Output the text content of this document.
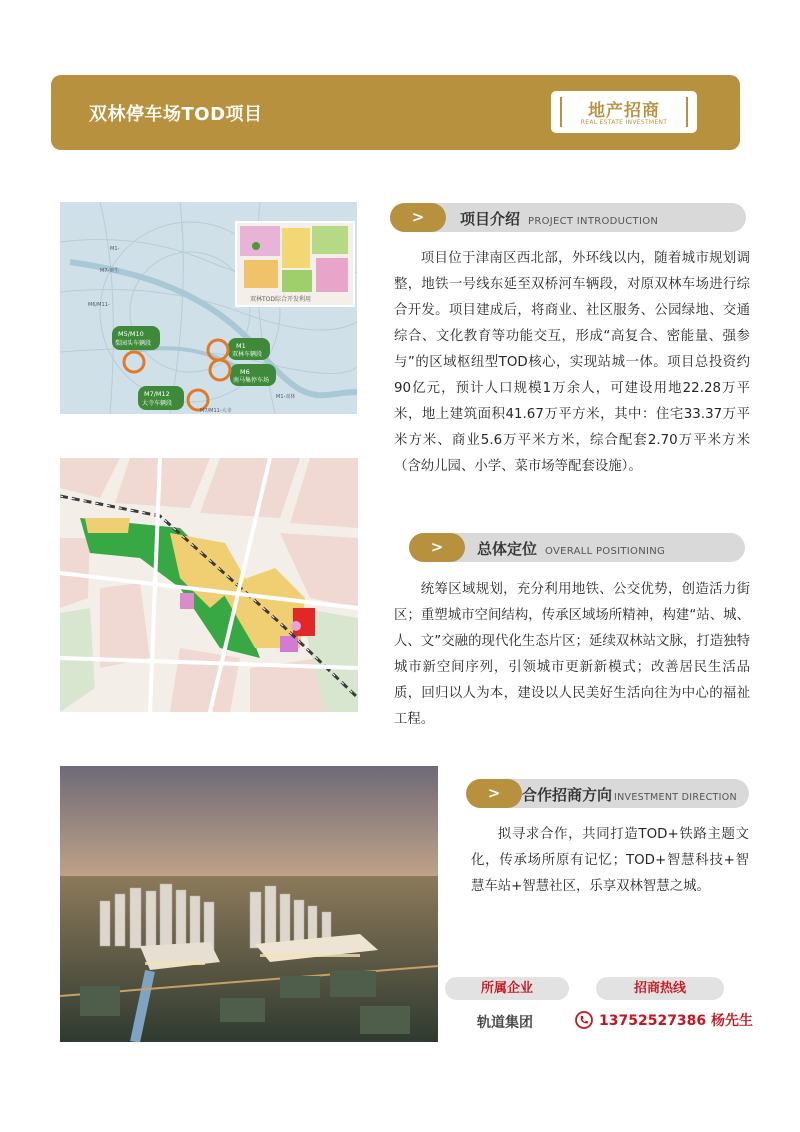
双林停车场TOD项目	地产招商
REAL ESTATE INVESTMENT
双林TOD综合开发利用
M5/M10
梨园头车辆段	M1
双林车辆段
M6
南马集停车场
M7/M12
大寺车辆段
M1-
M7-辩生
M6/M11-
M1-双林
M7/M11-大寺
>	项目介绍 PROJECT INTRODUCTION

项目位于津南区西北部，外环线以内，随着城市规划调整，地铁一号线东延至双桥河车辆段，对原双林车场进行综合开发。项目建成后，将商业、社区服务、公园绿地、交通综合、文化教育等功能交互，形成“高复合、密能量、强参与”的区域枢纽型TOD核心，实现站城一体。项目总投资约90亿元，预计人口规模1万余人，可建设用地22.28万平米，地上建筑面积41.67万平方米，其中：住宅33.37万平米方米、商业5.6万平米方米，综合配套2.70万平米方米（含幼儿园、小学、菜市场等配套设施）。

>	总体定位 OVERALL POSITIONING

统筹区域规划，充分利用地铁、公交优势，创造活力街区；重塑城市空间结构，传承区域场所精神，构建“站、城、人、文”交融的现代化生态片区；延续双林站文脉，打造独特城市新空间序列，引领城市更新新模式；改善居民生活品质，回归以人为本，建设以人民美好生活向往为中心的福祉工程。

>	合作招商方向 INVESTMENT DIRECTION

拟寻求合作，共同打造TOD+铁路主题文化，传承场所原有记忆；TOD+智慧科技+智慧车站+智慧社区，乐享双林智慧之城。

所属企业	招商热线
轨道集团	13752527386 杨先生
